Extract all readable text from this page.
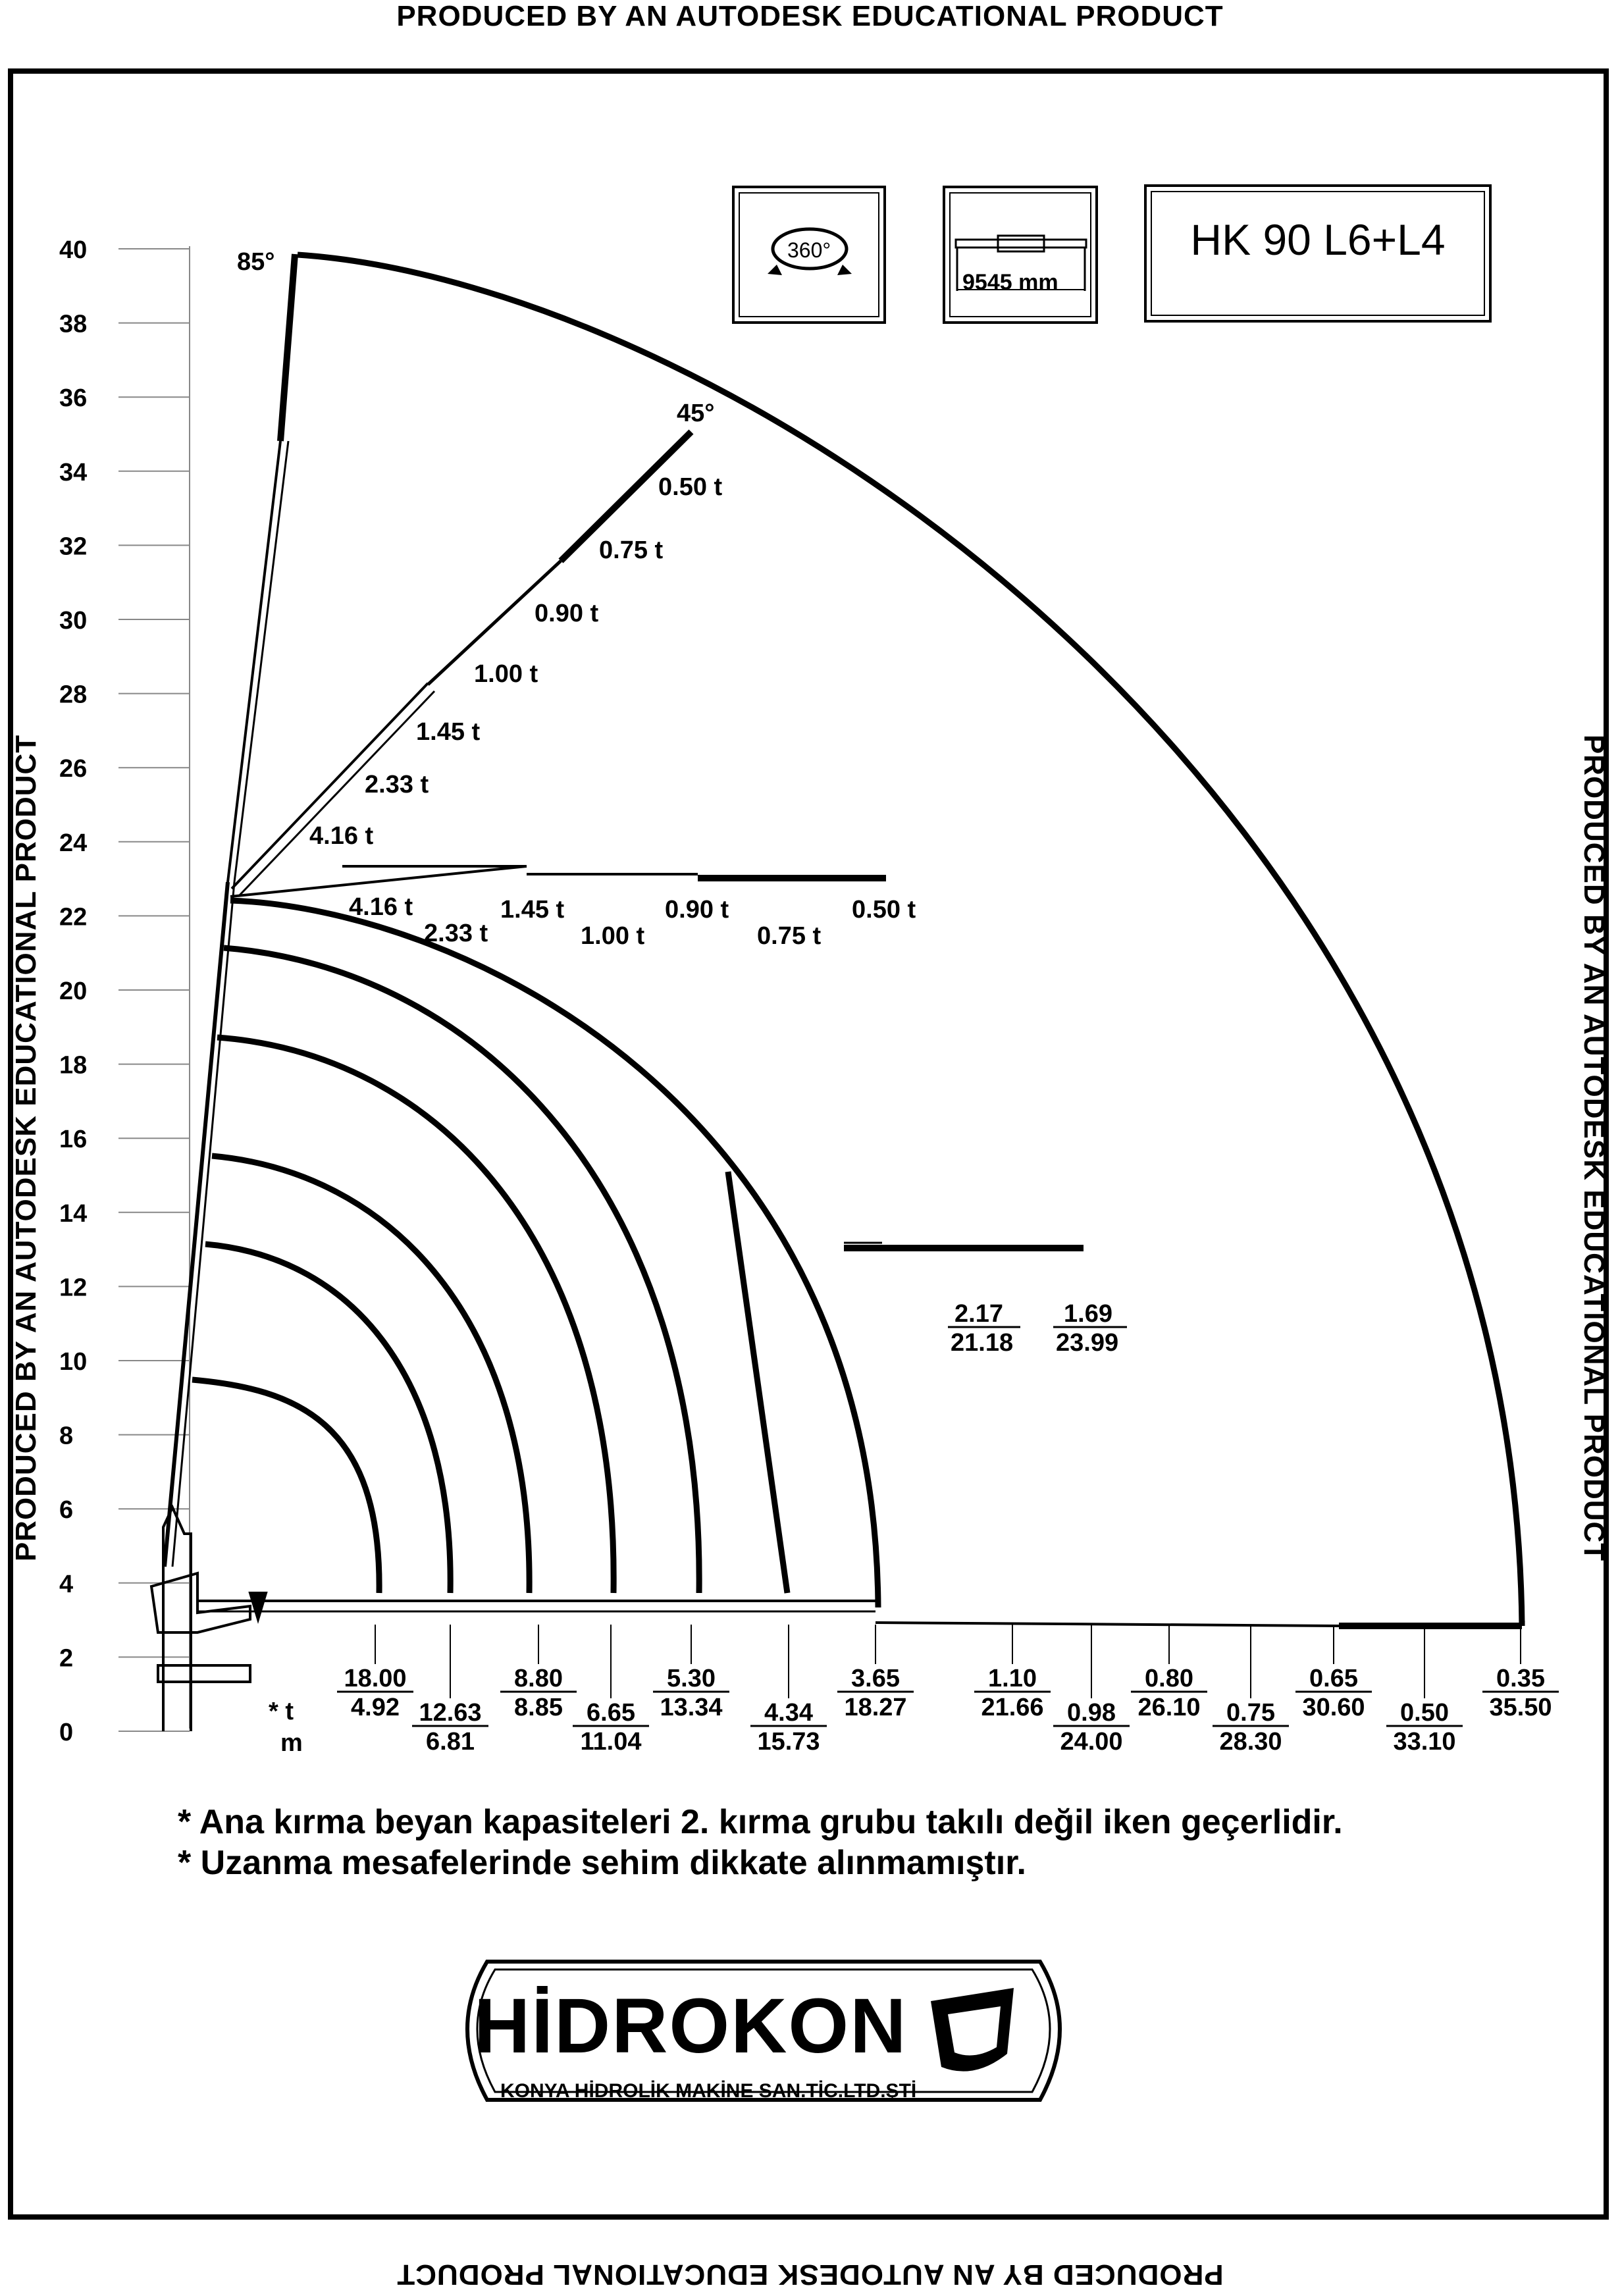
PRODUCED BY AN AUTODESK EDUCATIONAL PRODUCT
PRODUCED BY AN AUTODESK EDUCATIONAL PRODUCT
PRODUCED BY AN AUTODESK EDUCATIONAL PRODUCT	PRODUCED BY AN AUTODESK EDUCATIONAL PRODUCT
360°
9545 mm
HK 90 L6+L4
0
2
4
6
8
10
12
14
16
18
20
22
24
26
28
30
32
34
36
38
40	85°
45°
0.50 t
0.75 t
0.90 t
1.00 t
1.45 t
2.33 t
4.16 t
4.16 t
2.33 t
1.45 t
1.00 t
0.90 t
0.75 t
0.50 t
2.17
21.18
1.69
23.99
* t
m
18.00
4.92 12.63
6.81
8.80
8.85 6.65
11.04
5.30
13.34 4.34
15.73
3.65
18.27
1.10
21.66 0.98
24.00
0.80
26.10 0.75
28.30
0.65
30.60 0.50
33.10
0.35
35.50
* Ana kırma beyan kapasiteleri 2. kırma grubu takılı değil iken geçerlidir.
* Uzanma mesafelerinde sehim dikkate alınmamıştır.
HİDROKON
KONYA HİDROLİK MAKİNE SAN.TİC.LTD.ŞTİ
